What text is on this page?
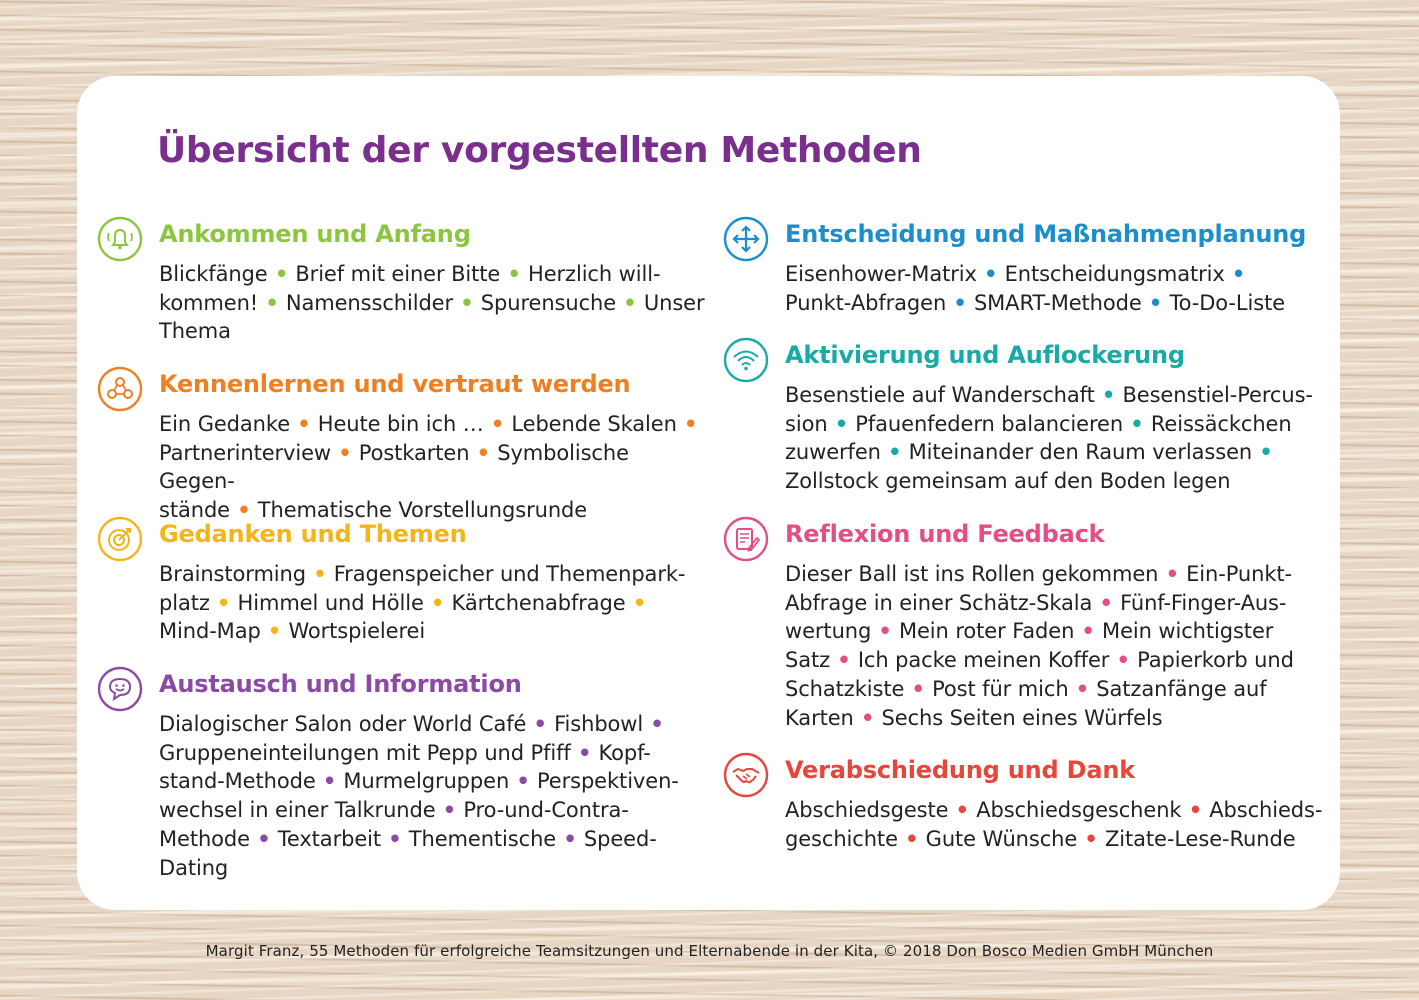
Übersicht der vorgestellten Methoden
Ankommen und Anfang

Blickfänge • Brief mit einer Bitte • Herzlich will-
kommen! • Namensschilder • Spurensuche • Unser
Thema

Kennenlernen und vertraut werden

Ein Gedanke • Heute bin ich … • Lebende Skalen •
Partnerinterview • Postkarten • Symbolische Gegen-
stände • Thematische Vorstellungsrunde

Gedanken und Themen

Brainstorming • Fragenspeicher und Themenpark-
platz • Himmel und Hölle • Kärtchenabfrage •
Mind-Map • Wortspielerei

Austausch und Information

Dialogischer Salon oder World Café • Fishbowl •
Gruppeneinteilungen mit Pepp und Pfiff • Kopf-
stand-Methode • Murmelgruppen • Perspektiven-
wechsel in einer Talkrunde • Pro-und-Contra-
Methode • Textarbeit • Thementische • Speed-Dating

Entscheidung und Maßnahmenplanung

Eisenhower-Matrix • Entscheidungsmatrix •
Punkt-Abfragen • SMART-Methode • To-Do-Liste

Aktivierung und Auflockerung

Besenstiele auf Wanderschaft • Besenstiel-Percus-
sion • Pfauenfedern balancieren • Reissäckchen
zuwerfen • Miteinander den Raum verlassen •
Zollstock gemeinsam auf den Boden legen

Reflexion und Feedback

Dieser Ball ist ins Rollen gekommen • Ein-Punkt-
Abfrage in einer Schätz-Skala • Fünf-Finger-Aus-
wertung • Mein roter Faden • Mein wichtigster
Satz • Ich packe meinen Koffer • Papierkorb und
Schatzkiste • Post für mich • Satzanfänge auf
Karten • Sechs Seiten eines Würfels

Verabschiedung und Dank

Abschiedsgeste • Abschiedsgeschenk • Abschieds-
geschichte • Gute Wünsche • Zitate-Lese-Runde

Margit Franz, 55 Methoden für erfolgreiche Teamsitzungen und Elternabende in der Kita, © 2018 Don Bosco Medien GmbH München
